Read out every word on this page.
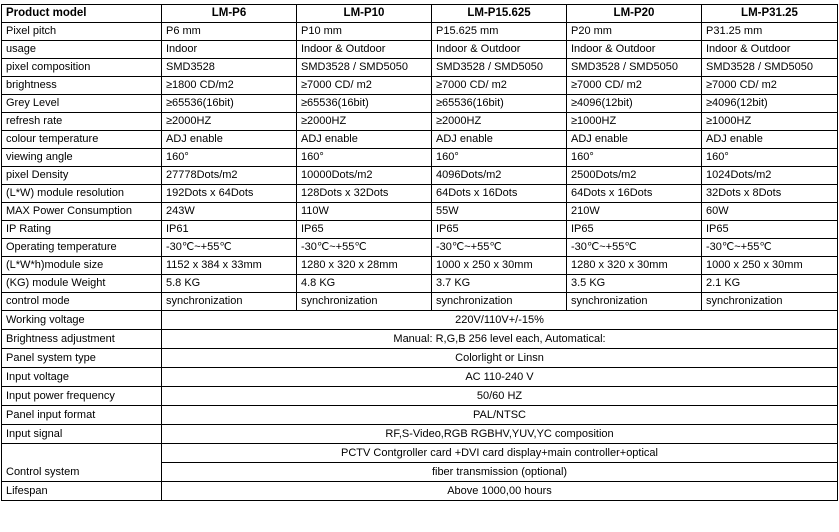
Product model	LM-P6	LM-P10	LM-P15.625	LM-P20	LM-P31.25
Pixel pitch	P6 mm	P10 mm	P15.625 mm	P20 mm	P31.25 mm
usage	Indoor	Indoor & Outdoor	Indoor & Outdoor	Indoor & Outdoor	Indoor & Outdoor
pixel composition	SMD3528	SMD3528 / SMD5050	SMD3528 / SMD5050	SMD3528 / SMD5050	SMD3528 / SMD5050
brightness	≥1800 CD/m2	≥7000 CD/ m2	≥7000 CD/ m2	≥7000 CD/ m2	≥7000 CD/ m2
Grey Level	≥65536(16bit)	≥65536(16bit)	≥65536(16bit)	≥4096(12bit)	≥4096(12bit)
refresh rate	≥2000HZ	≥2000HZ	≥2000HZ	≥1000HZ	≥1000HZ
colour temperature	ADJ enable	ADJ enable	ADJ enable	ADJ enable	ADJ enable
viewing angle	160°	160°	160°	160°	160°
pixel Density	27778Dots/m2	10000Dots/m2	4096Dots/m2	2500Dots/m2	1024Dots/m2
(L*W) module resolution	192Dots x 64Dots	128Dots x 32Dots	64Dots x 16Dots	64Dots x 16Dots	32Dots x 8Dots
MAX Power Consumption	243W	110W	55W	210W	60W
IP Rating	IP61	IP65	IP65	IP65	IP65
Operating temperature	-30℃~+55℃	-30℃~+55℃	-30℃~+55℃	-30℃~+55℃	-30℃~+55℃
(L*W*h)module size	1152 x 384 x 33mm	1280 x 320 x 28mm	1000 x 250 x 30mm	1280 x 320 x 30mm	1000 x 250 x 30mm
(KG) module Weight	5.8 KG	4.8 KG	3.7 KG	3.5 KG	2.1 KG
control mode	synchronization	synchronization	synchronization	synchronization	synchronization
Working voltage	220V/110V+/-15%				
Brightness adjustment	Manual: R,G,B 256 level each, Automatical:				
Panel system type	Colorlight or Linsn				
Input voltage	AC 110-240 V				
Input power frequency	50/60 HZ				
Panel input format	PAL/NTSC				
Input signal	RF,S-Video,RGB RGBHV,YUV,YC composition				
Control system	PCTV Contgroller card +DVI card display+main controller+optical				
	fiber transmission (optional)				
Lifespan	Above 1000,00 hours				
